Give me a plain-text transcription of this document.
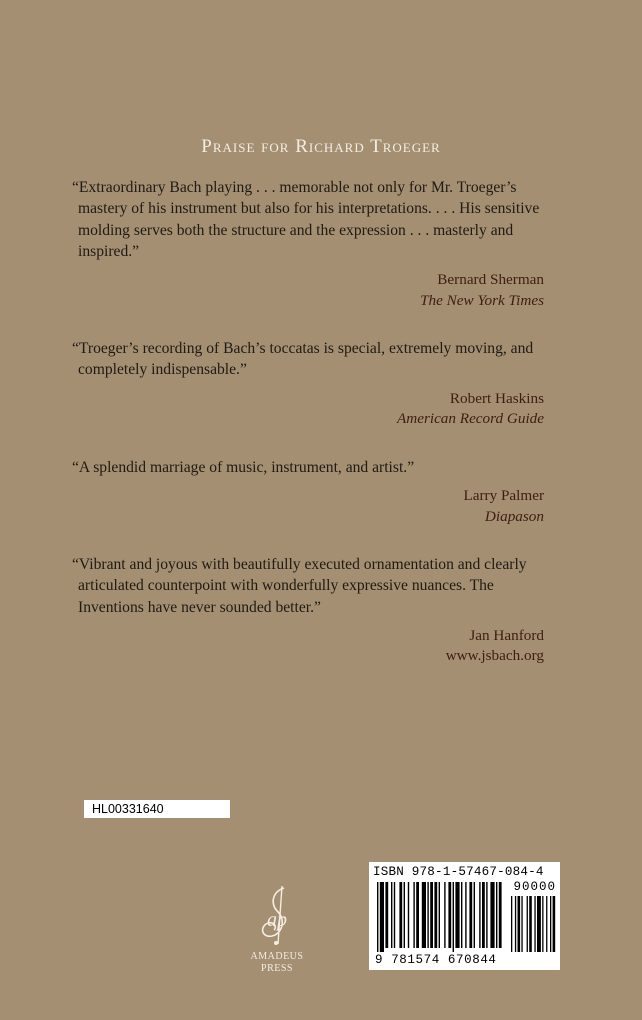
Praise for Richard Troeger

“Extraordinary Bach playing . . . memorable not only for Mr. Troeger’s mastery of his instrument but also for his interpretations. . . . His sensitive molding serves both the structure and the expression . . . masterly and inspired.”

Bernard Sherman
The New York Times

“Troeger’s recording of Bach’s toccatas is special, extremely moving, and completely indispensable.”

Robert Haskins
American Record Guide

“A splendid marriage of music, instrument, and artist.”

Larry Palmer
Diapason

“Vibrant and joyous with beautifully executed ornamentation and clearly articulated counterpoint with wonderfully expressive nuances. The Inventions have never sounded better.”

Jan Hanford
www.jsbach.org
HL00331640
ap
AMADEUS
PRESS
ISBN 978-1-57467-084-4
90000
9 781574 670844
